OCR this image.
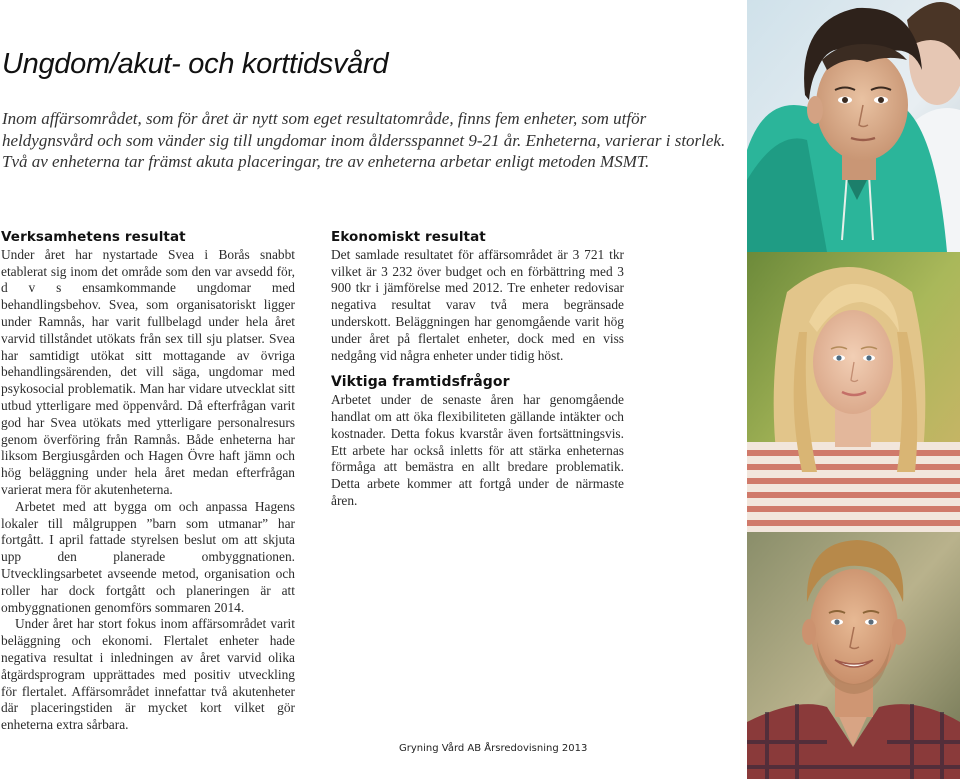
Ungdom/akut- och korttidsvård

Inom affärsområdet, som för året är nytt som eget resultatområde, finns fem enheter, som utför heldygnsvård och som vänder sig till ungdomar inom åldersspannet 9-21 år. Enheterna, varierar i storlek. Två av enheterna tar främst akuta placeringar, tre av enheterna arbetar enligt metoden MSMT.

Verksamhetens resultat

Under året har nystartade Svea i Borås snabbt etablerat sig inom det område som den var avsedd för, d v s ensamkommande ungdomar med behandlingsbehov. Svea, som organisatoriskt ligger under Ramnås, har varit fullbelagd under hela året varvid tillståndet utökats från sex till sju platser. Svea har samtidigt utökat sitt mottagande av övriga behandlingsärenden, det vill säga, ungdomar med psykosocial problematik. Man har vidare utvecklat sitt utbud ytterligare med öppenvård. Då efterfrågan varit god har Svea utökats med ytterligare personalresurs genom överföring från Ramnås. Både enheterna har liksom Bergiusgården och Hagen Övre haft jämn och hög beläggning under hela året medan efterfrågan varierat mera för akutenheterna.

Arbetet med att bygga om och anpassa Hagens lokaler till målgruppen ”barn som utmanar” har fortgått. I april fattade styrelsen beslut om att skjuta upp den planerade ombyggnationen. Utvecklingsarbetet avseende metod, organisation och roller har dock fortgått och planeringen är att ombyggnationen genomförs sommaren 2014.

Under året har stort fokus inom affärsområdet varit beläggning och ekonomi. Flertalet enheter hade negativa resultat i inledningen av året varvid olika åtgärdsprogram upprättades med positiv utveckling för flertalet. Affärsområdet innefattar två akutenheter där placeringstiden är mycket kort vilket gör enheterna extra sårbara.

Ekonomiskt resultat

Det samlade resultatet för affärsområdet är 3 721 tkr vilket är 3 232 över budget och en förbättring med 3 900 tkr i jämförelse med 2012. Tre enheter redovisar negativa resultat varav två mera begränsade underskott. Beläggningen har genomgående varit hög under året på flertalet enheter, dock med en viss nedgång vid några enheter under tidig höst.

Viktiga framtidsfrågor

Arbetet under de senaste åren har genomgående handlat om att öka flexibiliteten gällande intäkter och kostnader. Detta fokus kvarstår även fortsättningsvis. Ett arbete har också inletts för att stärka enheternas förmåga att bemästra en allt bredare problematik. Detta arbete kommer att fortgå under de närmaste åren.

Gryning Vård AB Årsredovisning 2013
